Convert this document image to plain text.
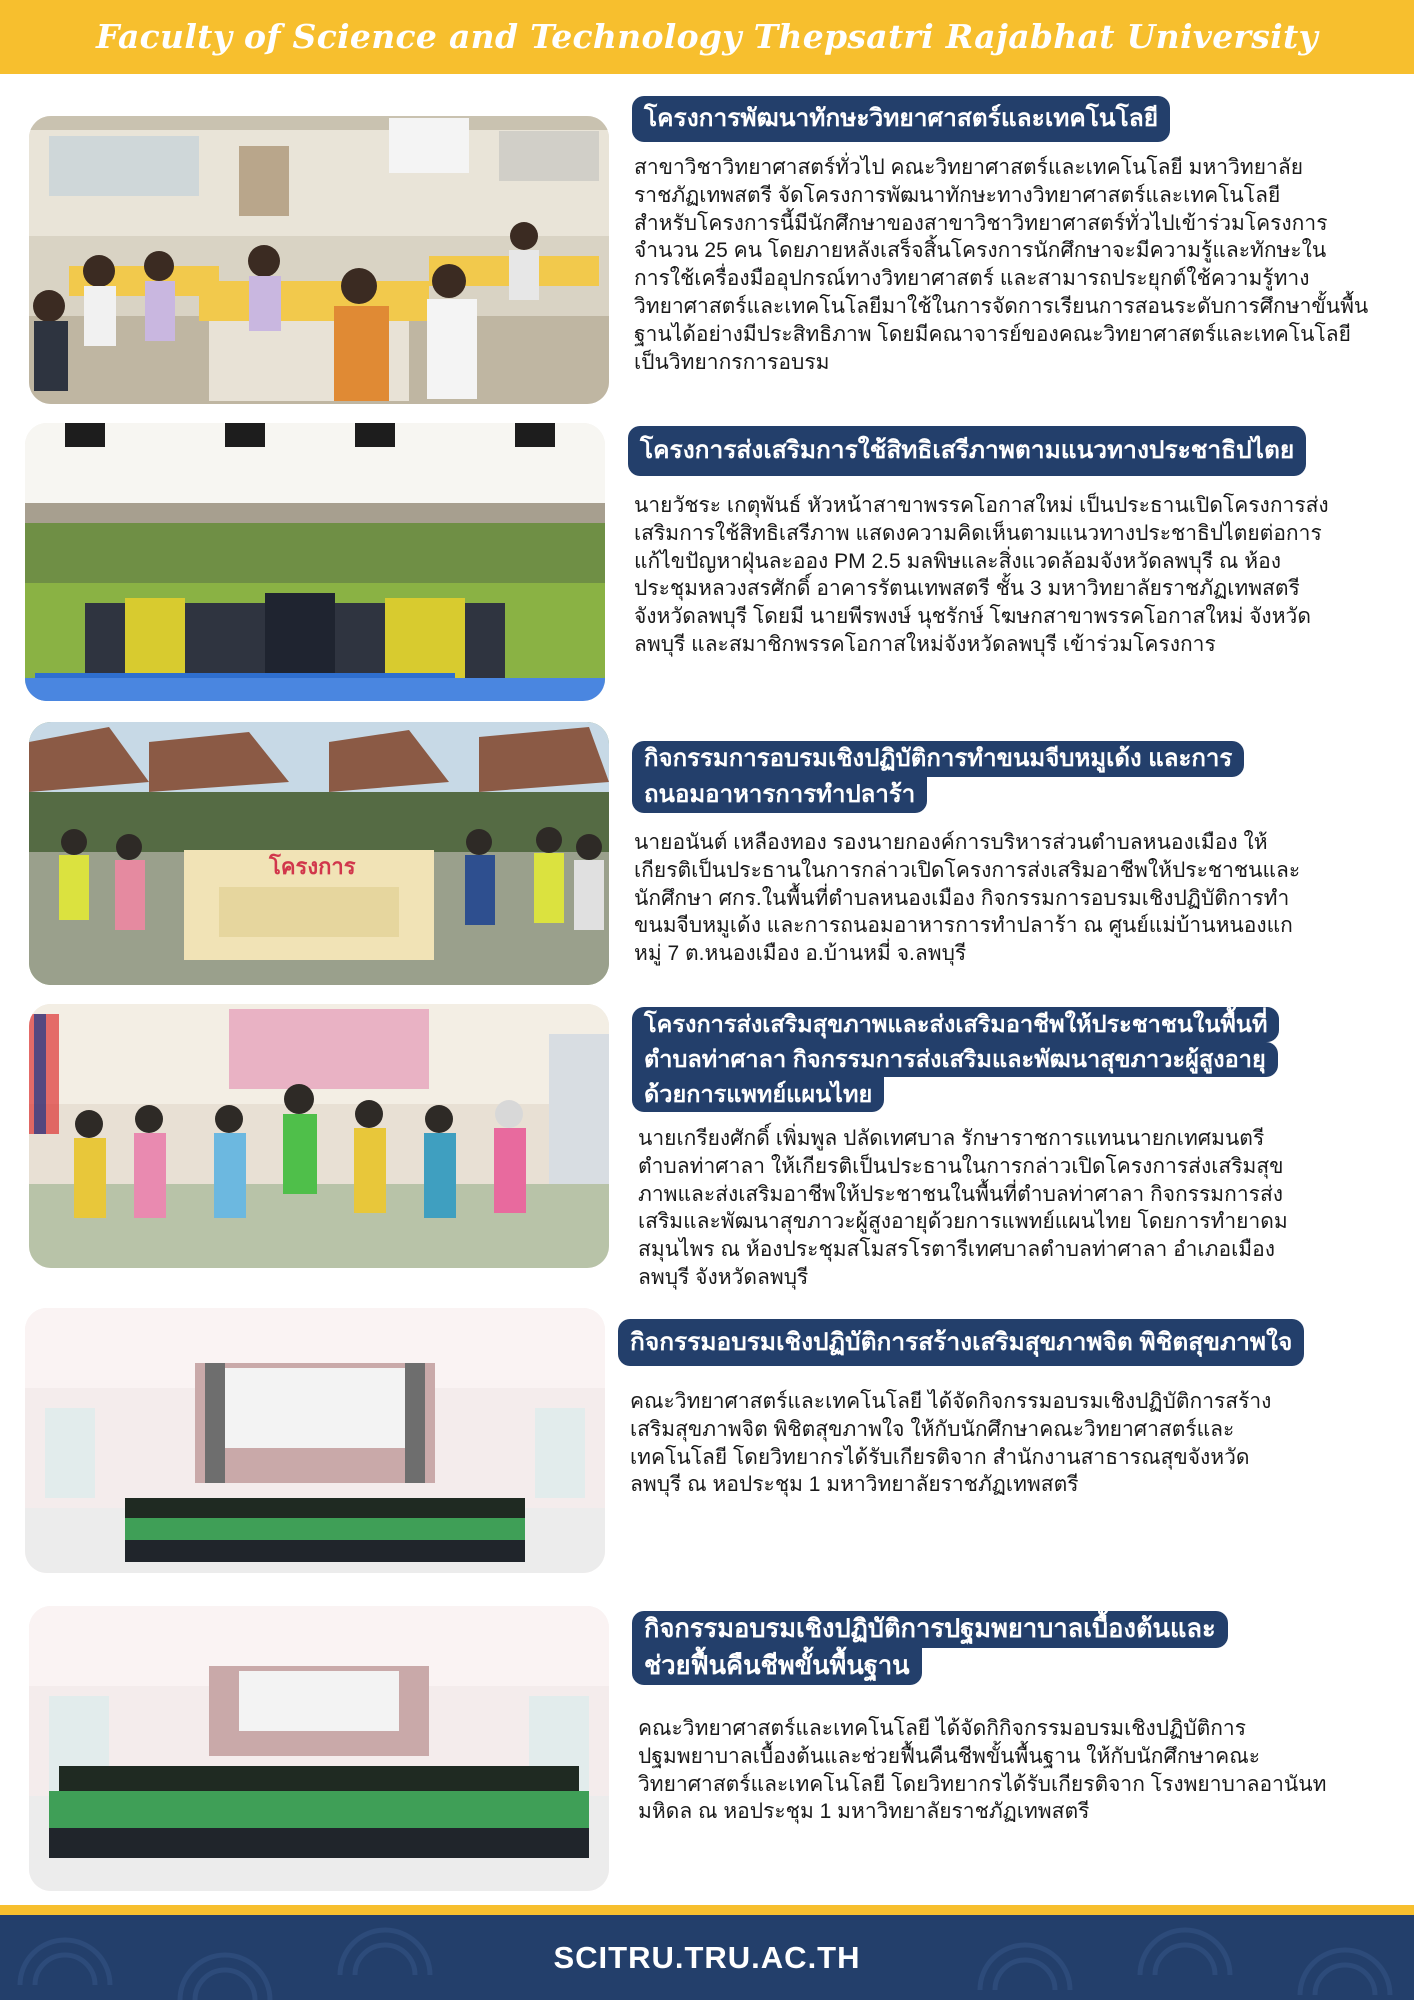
Faculty of Science and Technology Thepsatri Rajabhat University
โครงการพัฒนาทักษะวิทยาศาสตร์และเทคโนโลยี
สาขาวิชาวิทยาศาสตร์ทั่วไป คณะวิทยาศาสตร์และเทคโนโลยี มหาวิทยาลัย
ราชภัฏเทพสตรี จัดโครงการพัฒนาทักษะทางวิทยาศาสตร์และเทคโนโลยี
สำหรับโครงการนี้มีนักศึกษาของสาขาวิชาวิทยาศาสตร์ทั่วไปเข้าร่วมโครงการ
จำนวน 25 คน โดยภายหลังเสร็จสิ้นโครงการนักศึกษาจะมีความรู้และทักษะใน
การใช้เครื่องมืออุปกรณ์ทางวิทยาศาสตร์ และสามารถประยุกต์ใช้ความรู้ทาง
วิทยาศาสตร์และเทคโนโลยีมาใช้ในการจัดการเรียนการสอนระดับการศึกษาขั้นพื้น
ฐานได้อย่างมีประสิทธิภาพ โดยมีคณาจารย์ของคณะวิทยาศาสตร์และเทคโนโลยี
เป็นวิทยากรการอบรม
โครงการส่งเสริมการใช้สิทธิเสรีภาพตามแนวทางประชาธิปไตย
นายวัชระ เกตุพันธ์ หัวหน้าสาขาพรรคโอกาสใหม่ เป็นประธานเปิดโครงการส่ง
เสริมการใช้สิทธิเสรีภาพ แสดงความคิดเห็นตามแนวทางประชาธิปไตยต่อการ
แก้ไขปัญหาฝุ่นละออง PM 2.5 มลพิษและสิ่งแวดล้อมจังหวัดลพบุรี ณ ห้อง
ประชุมหลวงสรศักดิ์ อาคารรัตนเทพสตรี ชั้น 3 มหาวิทยาลัยราชภัฏเทพสตรี
จังหวัดลพบุรี โดยมี นายพีรพงษ์ นุชรักษ์ โฆษกสาขาพรรคโอกาสใหม่ จังหวัด
ลพบุรี และสมาชิกพรรคโอกาสใหม่จังหวัดลพบุรี เข้าร่วมโครงการ
โครงการ
กิจกรรมการอบรมเชิงปฏิบัติการทำขนมจีบหมูเด้ง และการ
ถนอมอาหารการทำปลาร้า
นายอนันต์ เหลืองทอง รองนายกองค์การบริหารส่วนตำบลหนองเมือง ให้
เกียรติเป็นประธานในการกล่าวเปิดโครงการส่งเสริมอาชีพให้ประชาชนและ
นักศึกษา ศกร.ในพื้นที่ตำบลหนองเมือง กิจกรรมการอบรมเชิงปฏิบัติการทำ
ขนมจีบหมูเด้ง และการถนอมอาหารการทำปลาร้า ณ ศูนย์แม่บ้านหนองแก
หมู่ 7 ต.หนองเมือง อ.บ้านหมี่ จ.ลพบุรี
โครงการส่งเสริมสุขภาพและส่งเสริมอาชีพให้ประชาชนในพื้นที่
ตำบลท่าศาลา กิจกรรมการส่งเสริมและพัฒนาสุขภาวะผู้สูงอายุ
ด้วยการแพทย์แผนไทย
นายเกรียงศักดิ์ เพิ่มพูล ปลัดเทศบาล รักษาราชการแทนนายกเทศมนตรี
ตำบลท่าศาลา ให้เกียรติเป็นประธานในการกล่าวเปิดโครงการส่งเสริมสุข
ภาพและส่งเสริมอาชีพให้ประชาชนในพื้นที่ตำบลท่าศาลา กิจกรรมการส่ง
เสริมและพัฒนาสุขภาวะผู้สูงอายุด้วยการแพทย์แผนไทย โดยการทำยาดม
สมุนไพร ณ ห้องประชุมสโมสรโรตารีเทศบาลตำบลท่าศาลา อำเภอเมือง
ลพบุรี จังหวัดลพบุรี
กิจกรรมอบรมเชิงปฏิบัติการสร้างเสริมสุขภาพจิต พิชิตสุขภาพใจ
คณะวิทยาศาสตร์และเทคโนโลยี ได้จัดกิจกรรมอบรมเชิงปฏิบัติการสร้าง
เสริมสุขภาพจิต พิชิตสุขภาพใจ ให้กับนักศึกษาคณะวิทยาศาสตร์และ
เทคโนโลยี โดยวิทยากรได้รับเกียรติจาก สำนักงานสาธารณสุขจังหวัด
ลพบุรี ณ หอประชุม 1 มหาวิทยาลัยราชภัฏเทพสตรี
กิจกรรมอบรมเชิงปฏิบัติการปฐมพยาบาลเบื้องต้นและ
ช่วยฟื้นคืนชีพขั้นพื้นฐาน
คณะวิทยาศาสตร์และเทคโนโลยี ได้จัดกิกิจกรรมอบรมเชิงปฏิบัติการ
ปฐมพยาบาลเบื้องต้นและช่วยฟื้นคืนชีพขั้นพื้นฐาน ให้กับนักศึกษาคณะ
วิทยาศาสตร์และเทคโนโลยี โดยวิทยากรได้รับเกียรติจาก โรงพยาบาลอานันท
มหิดล ณ หอประชุม 1 มหาวิทยาลัยราชภัฏเทพสตรี
SCITRU.TRU.AC.TH
